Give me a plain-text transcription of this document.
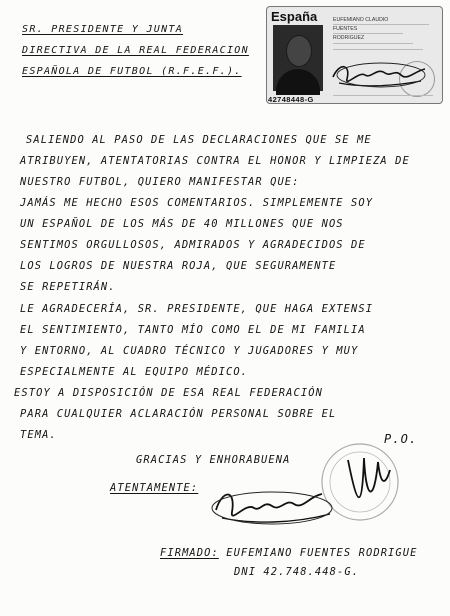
España	EUFEMIANO CLAUDIO
FUENTES
RODRIGUEZ
42748448-G
SR. PRESIDENTE Y JUNTA
DIRECTIVA DE LA REAL FEDERACION
ESPAÑOLA DE FUTBOL (R.F.E.F.).
SALIENDO AL PASO DE LAS DECLARACIONES QUE SE ME
ATRIBUYEN, ATENTATORIAS CONTRA EL HONOR Y LIMPIEZA DE
NUESTRO FUTBOL, QUIERO MANIFESTAR QUE:
JAMÁS ME HECHO ESOS COMENTARIOS. SIMPLEMENTE SOY
UN ESPAÑOL DE LOS MÁS DE 40 MILLONES QUE NOS
SENTIMOS ORGULLOSOS, ADMIRADOS Y AGRADECIDOS DE
LOS LOGROS DE NUESTRA ROJA, QUE SEGURAMENTE
SE REPETIRÁN.
LE AGRADECERÍA, SR. PRESIDENTE, QUE HAGA EXTENSI
EL SENTIMIENTO, TANTO MÍO COMO EL DE MI FAMILIA
Y ENTORNO, AL CUADRO TÉCNICO Y JUGADORES Y MUY
ESPECIALMENTE AL EQUIPO MÉDICO.
ESTOY A DISPOSICIÓN DE ESA REAL FEDERACIÓN
PARA CUALQUIER ACLARACIÓN PERSONAL SOBRE EL
TEMA.
GRACIAS Y ENHORABUENA
P.O.
ATENTAMENTE:
FIRMADO: EUFEMIANO FUENTES RODRIGUE
DNI 42.748.448-G.
